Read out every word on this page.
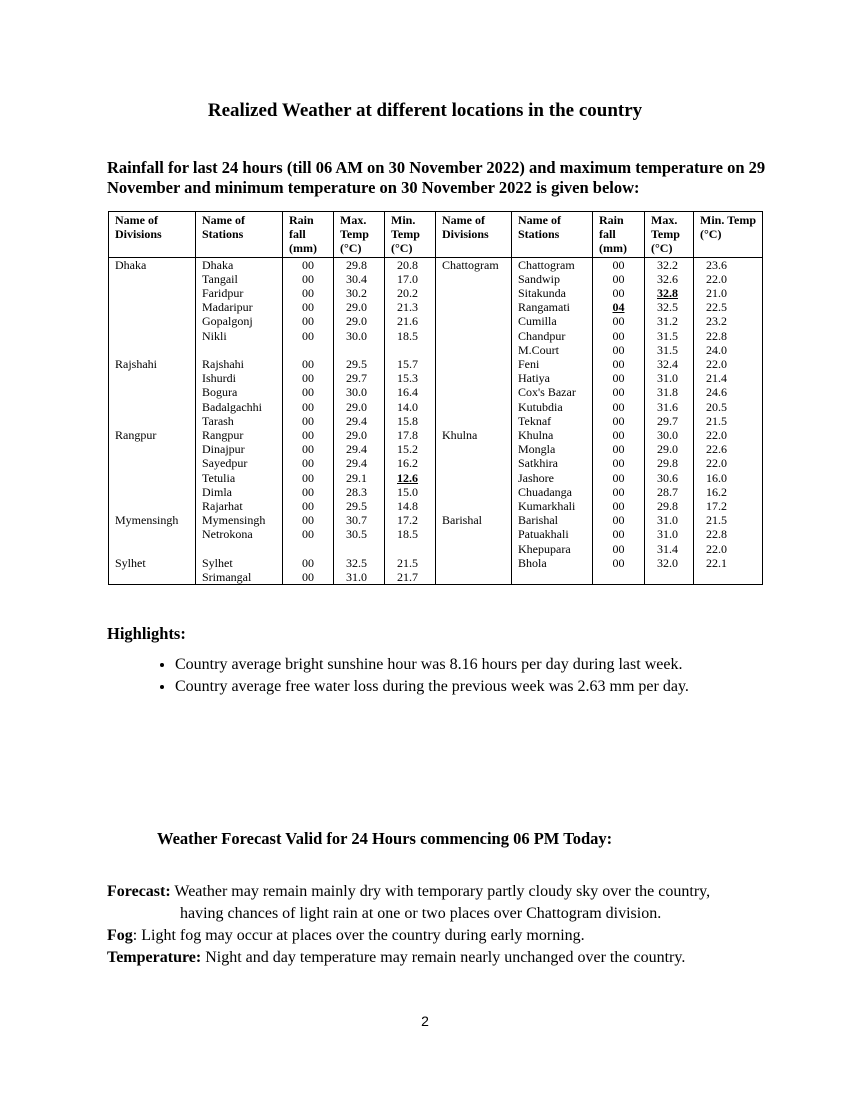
Realized Weather at different locations in the country
Rainfall for last 24 hours (till 06 AM on 30 November 2022) and maximum temperature on 29 November and minimum temperature on 30 November 2022 is given below:
Name of Divisions	Name of Stations	Rain fall (mm)	Max. Temp (°C)	Min. Temp (°C)	Name of Divisions	Name of Stations	Rain fall (mm)	Max. Temp (°C)	Min. Temp (°C)
Dhaka	Dhaka	00	29.8	20.8	Chattogram	Chattogram	00	32.2	23.6
	Tangail	00	30.4	17.0		Sandwip	00	32.6	22.0
	Faridpur	00	30.2	20.2		Sitakunda	00	32.8	21.0
	Madaripur	00	29.0	21.3		Rangamati	04	32.5	22.5
	Gopalgonj	00	29.0	21.6		Cumilla	00	31.2	23.2
	Nikli	00	30.0	18.5		Chandpur	00	31.5	22.8
						M.Court	00	31.5	24.0
Rajshahi	Rajshahi	00	29.5	15.7		Feni	00	32.4	22.0
	Ishurdi	00	29.7	15.3		Hatiya	00	31.0	21.4
	Bogura	00	30.0	16.4		Cox's Bazar	00	31.8	24.6
	Badalgachhi	00	29.0	14.0		Kutubdia	00	31.6	20.5
	Tarash	00	29.4	15.8		Teknaf	00	29.7	21.5

Rangpur	Rangpur	00	29.0	17.8	Khulna	Khulna	00	30.0	22.0
	Dinajpur	00	29.4	15.2		Mongla	00	29.0	22.6
	Sayedpur	00	29.4	16.2		Satkhira	00	29.8	22.0
	Tetulia	00	29.1	12.6		Jashore	00	30.6	16.0
	Dimla	00	28.3	15.0		Chuadanga	00	28.7	16.2
	Rajarhat	00	29.5	14.8		Kumarkhali	00	29.8	17.2

Mymensingh	Mymensingh	00	30.7	17.2	Barishal	Barishal	00	31.0	21.5
	Netrokona	00	30.5	18.5		Patuakhali	00	31.0	22.8
						Khepupara	00	31.4	22.0
Sylhet	Sylhet	00	32.5	21.5		Bhola	00	32.0	22.1
	Srimangal	00	31.0	21.7					
Highlights:
• Country average bright sunshine hour was 8.16 hours per day during last week.
• Country average free water loss during the previous week was 2.63 mm per day.
Weather Forecast Valid for 24 Hours commencing 06 PM Today:
Forecast: Weather may remain mainly dry with temporary partly cloudy sky over the country,
having chances of light rain at one or two places over Chattogram division.
Fog: Light fog may occur at places over the country during early morning.
Temperature: Night and day temperature may remain nearly unchanged over the country.
2
